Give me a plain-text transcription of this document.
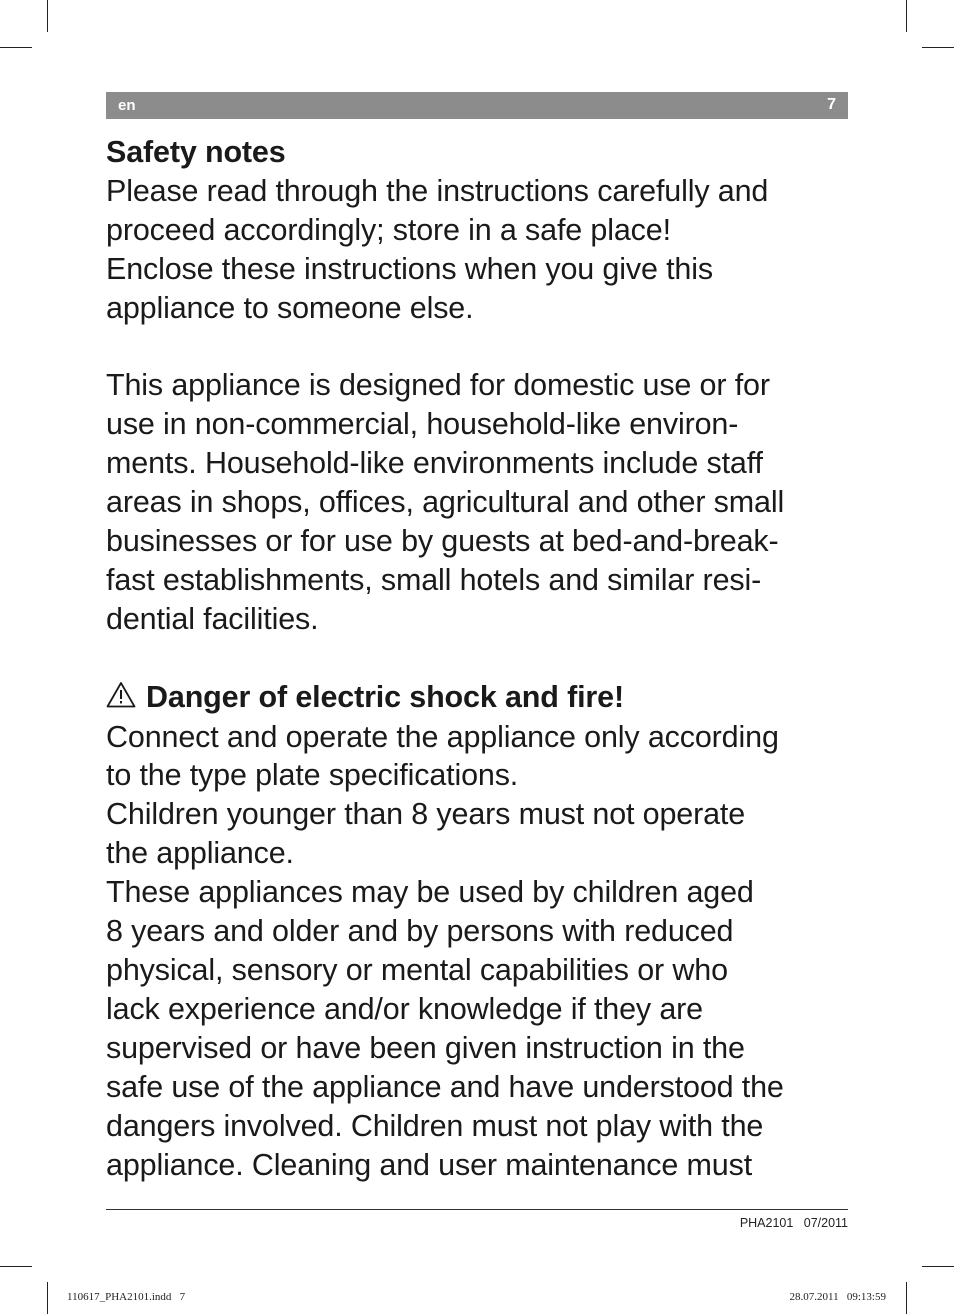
en	7

Safety notes

Please read through the instructions carefully and

proceed accordingly; store in a safe place!

Enclose these instructions when you give this

appliance to someone else.

This appliance is designed for domestic use or for

use in non-commercial, household-like environ-

ments. Household-like environments include staff

areas in shops, offices, agricultural and other small

businesses or for use by guests at bed-and-break-

fast establishments, small hotels and similar resi-

dential facilities.

Danger of electric shock and fire!

Connect and operate the appliance only according

to the type plate specifications.

Children younger than 8 years must not operate

the appliance.

These appliances may be used by children aged

8 years and older and by persons with reduced

physical, sensory or mental capabilities or who

lack experience and/or knowledge if they are

supervised or have been given instruction in the

safe use of the appliance and have understood the

dangers involved. Children must not play with the

appliance. Cleaning and user maintenance must

PHA2101   07/2011
110617_PHA2101.indd   7	28.07.2011   09:13:59
